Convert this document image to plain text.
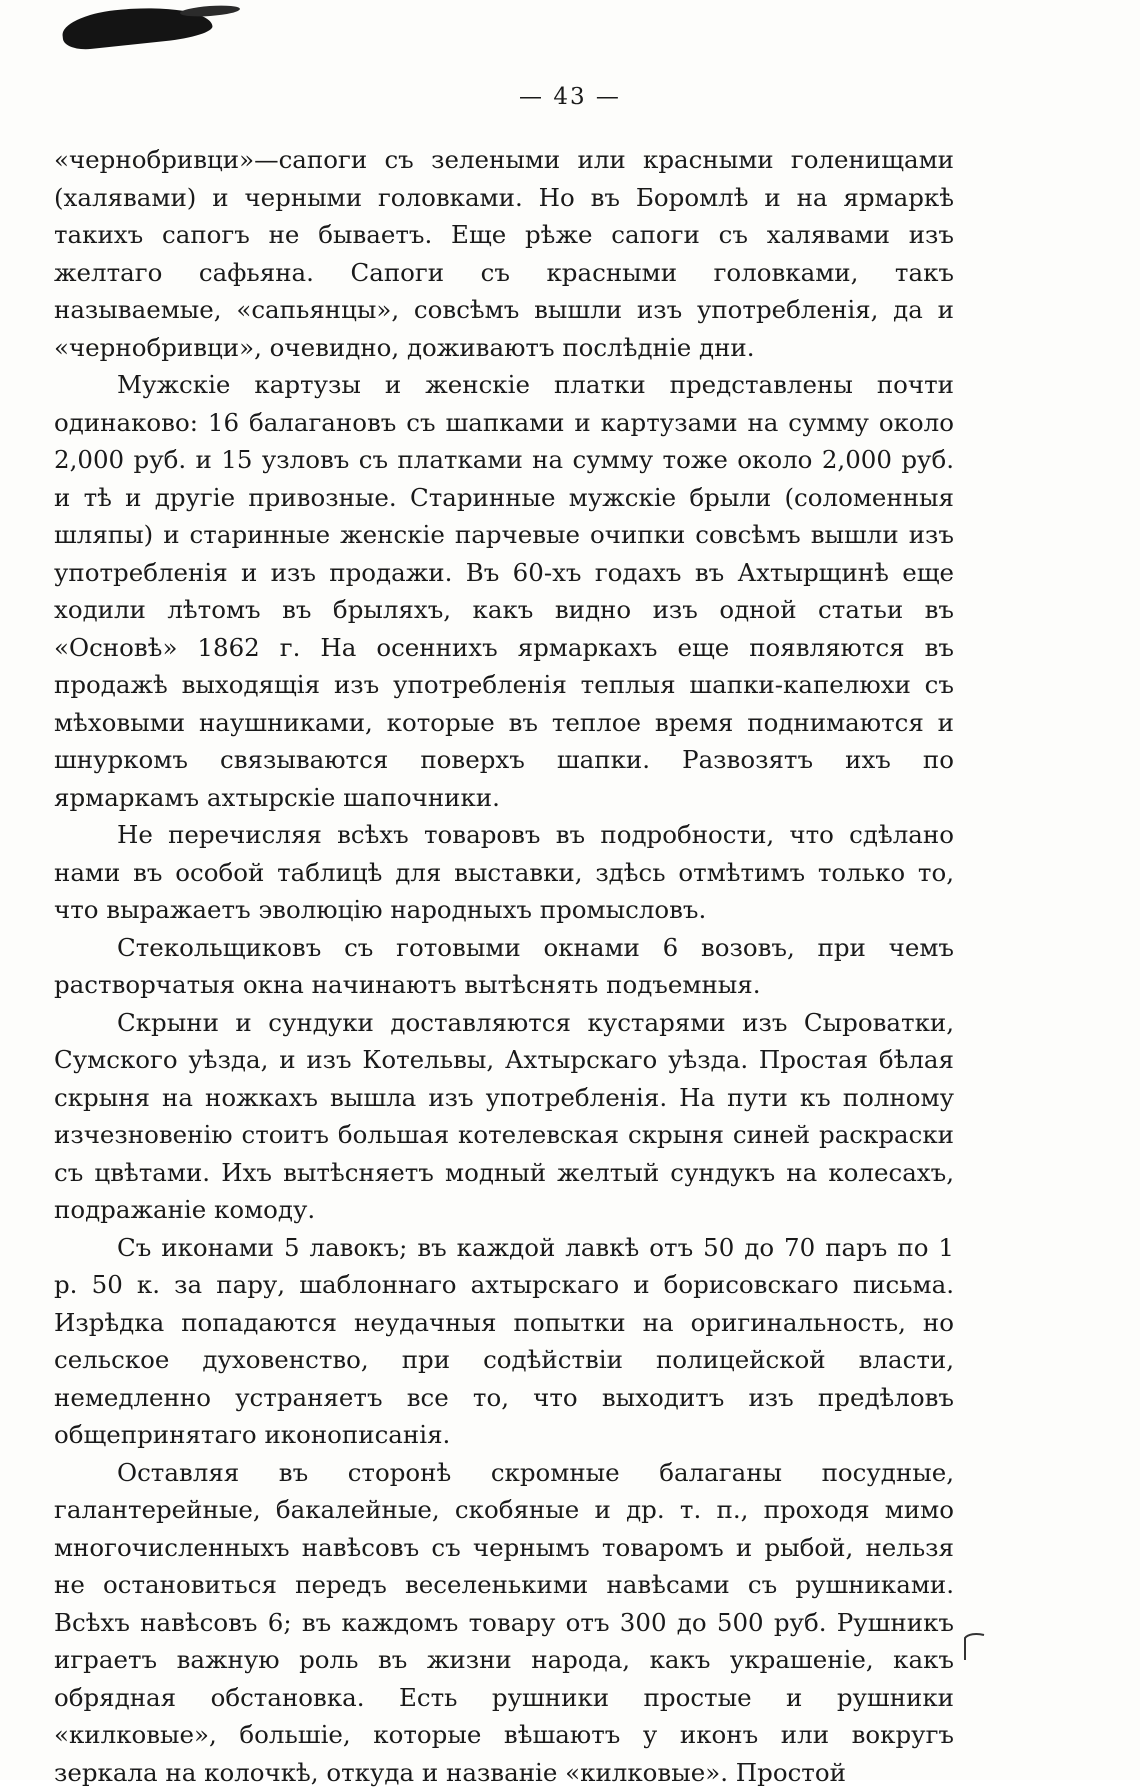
— 43 —

«чернобривци»—сапоги съ зелеными или красными голенищами (халявами) и черными головками. Но въ Боромлѣ и на ярмаркѣ такихъ сапогъ не бываетъ. Еще рѣже сапоги съ халявами изъ желтаго сафьяна. Сапоги съ красными головками, такъ называемые, «сапьянцы», совсѣмъ вышли изъ употребленія, да и «чернобривци», очевидно, доживаютъ послѣдніе дни.

Мужскіе картузы и женскіе платки представлены почти одинаково: 16 балагановъ съ шапками и картузами на сумму около 2,000 руб. и 15 узловъ съ платками на сумму тоже около 2,000 руб. и тѣ и другіе привозные. Старинные мужскіе брыли (соломенныя шляпы) и старинные женскіе парчевые очипки совсѣмъ вышли изъ употребленія и изъ продажи. Въ 60-хъ годахъ въ Ахтырщинѣ еще ходили лѣтомъ въ брыляхъ, какъ видно изъ одной статьи въ «Основѣ» 1862 г. На осеннихъ ярмаркахъ еще появляются въ продажѣ выходящія изъ употребленія теплыя шапки-капелюхи съ мѣховыми наушниками, которые въ теплое время поднимаются и шнуркомъ связываются поверхъ шапки. Развозятъ ихъ по ярмаркамъ ахтырскіе шапочники.

Не перечисляя всѣхъ товаровъ въ подробности, что сдѣлано нами въ особой таблицѣ для выставки, здѣсь отмѣтимъ только то, что выражаетъ эволюцію народныхъ промысловъ.

Стекольщиковъ съ готовыми окнами 6 возовъ, при чемъ растворчатыя окна начинаютъ вытѣснять подъемныя.

Скрыни и сундуки доставляются кустарями изъ Сыроватки, Сумского уѣзда, и изъ Котельвы, Ахтырскаго уѣзда. Простая бѣлая скрыня на ножкахъ вышла изъ употребленія. На пути къ полному изчезновенію стоитъ большая котелевская скрыня синей раскраски съ цвѣтами. Ихъ вытѣсняетъ модный желтый сундукъ на колесахъ, подражаніе комоду.

Съ иконами 5 лавокъ; въ каждой лавкѣ отъ 50 до 70 паръ по 1 р. 50 к. за пару, шаблоннаго ахтырскаго и борисовскаго письма. Изрѣдка попадаются неудачныя попытки на оригинальность, но сельское духовенство, при содѣйствіи полицейской власти, немедленно устраняетъ все то, что выходитъ изъ предѣловъ общепринятаго иконописанія.

Оставляя въ сторонѣ скромные балаганы посудные, галантерейные, бакалейные, скобяные и др. т. п., проходя мимо многочисленныхъ навѣсовъ съ чернымъ товаромъ и рыбой, нельзя не остановиться передъ веселенькими навѣсами съ рушниками. Всѣхъ навѣсовъ 6; въ каждомъ товару отъ 300 до 500 руб. Рушникъ играетъ важную роль въ жизни народа, какъ украшеніе, какъ обрядная обстановка. Есть рушники простые и рушники «килковые», большіе, которые вѣшаютъ у иконъ или вокругъ зеркала на колочкѣ, откуда и названіе «килковые». Простой
